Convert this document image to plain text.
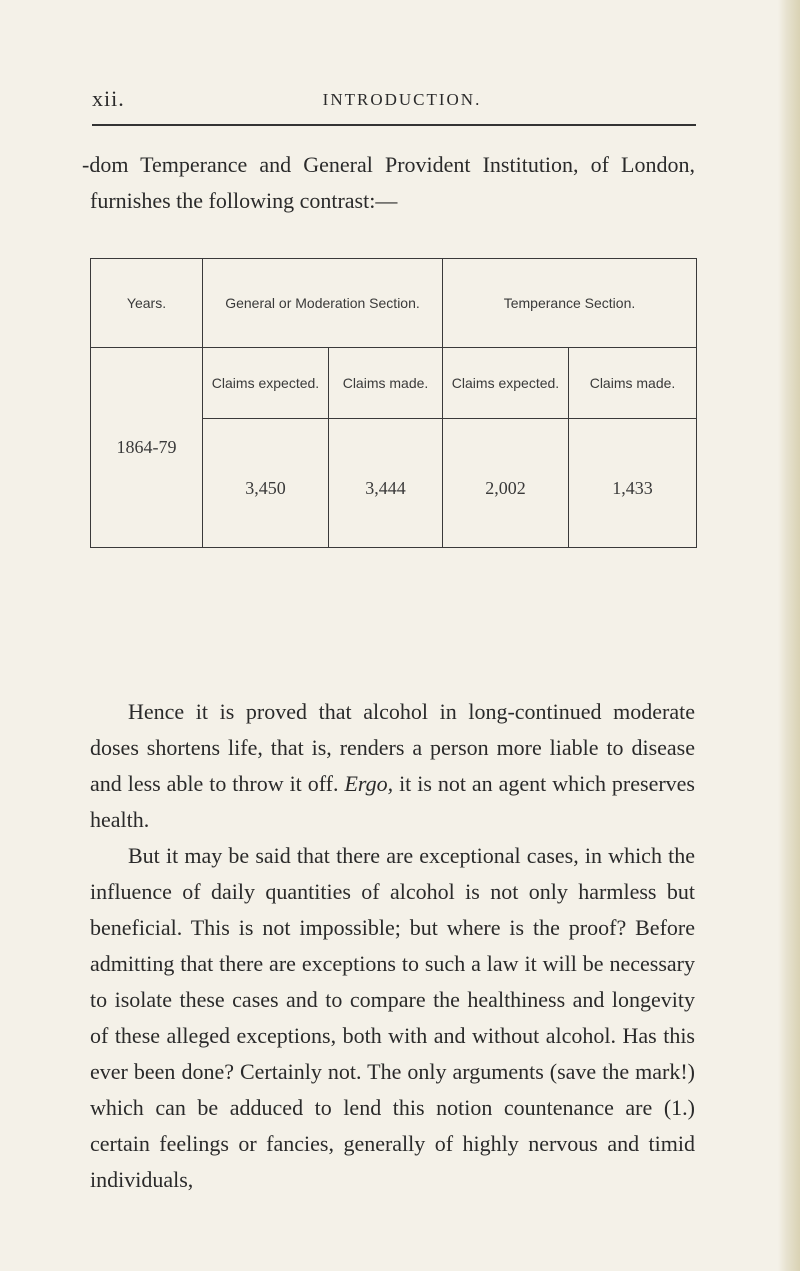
xii.	INTRODUCTION.

-dom Temperance and General Provident Institution, of London, furnishes the following contrast:—

Years.	General or Moderation Section.		Temperance Section.	
1864-79	Claims expected.	Claims made.	Claims expected.	Claims made.
	3,450	3,444	2,002	1,433

Hence it is proved that alcohol in long-continued moderate doses shortens life, that is, renders a person more liable to disease and less able to throw it off. Ergo, it is not an agent which preserves health.

But it may be said that there are exceptional cases, in which the influence of daily quantities of alcohol is not only harmless but beneficial. This is not impossible; but where is the proof? Before admitting that there are exceptions to such a law it will be necessary to isolate these cases and to compare the healthiness and longevity of these alleged exceptions, both with and without alcohol. Has this ever been done? Certainly not. The only arguments (save the mark!) which can be adduced to lend this notion countenance are (1.) certain feelings or fancies, generally of highly nervous and timid individuals,
